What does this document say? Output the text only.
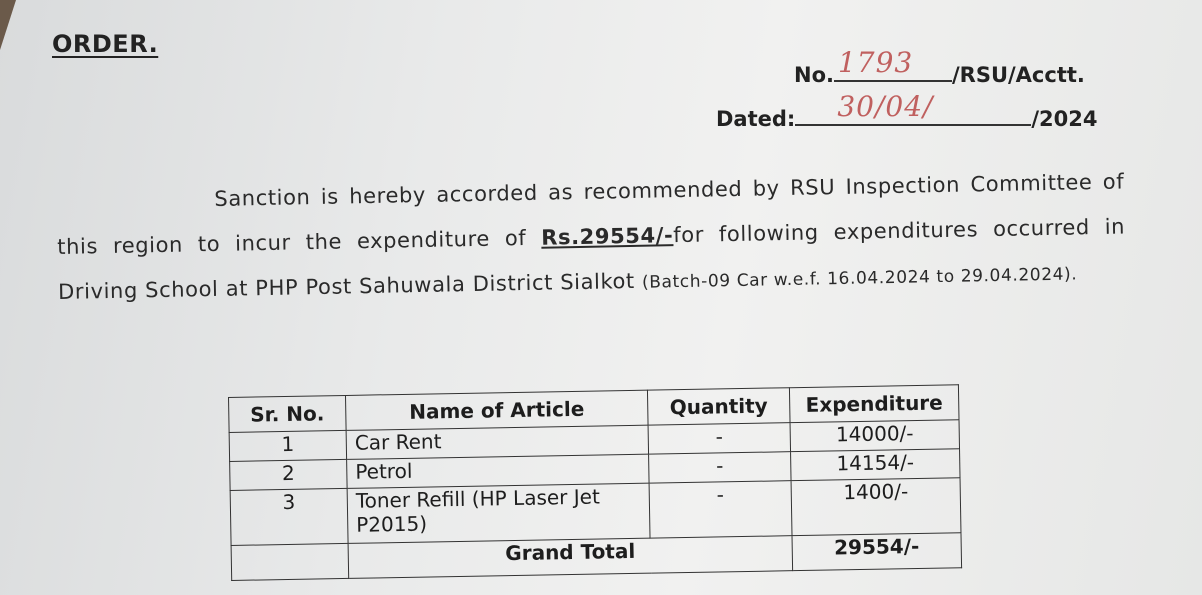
ORDER.
No. 1793 /RSU/Acctt.
Dated: 30/04/	/2024
Sanction is hereby accorded as recommended by RSU Inspection Committee of this region to incur the expenditure of Rs.29554/-for following expenditures occurred in Driving School at PHP Post Sahuwala District Sialkot (Batch-09 Car w.e.f. 16.04.2024 to 29.04.2024).
Sr. No.	Name of Article	Quantity	Expenditure
1	Car Rent	-	14000/-
2	Petrol	-	14154/-
3	Toner Refill (HP Laser Jet P2015)	-	1400/-
	Grand Total		29554/-
